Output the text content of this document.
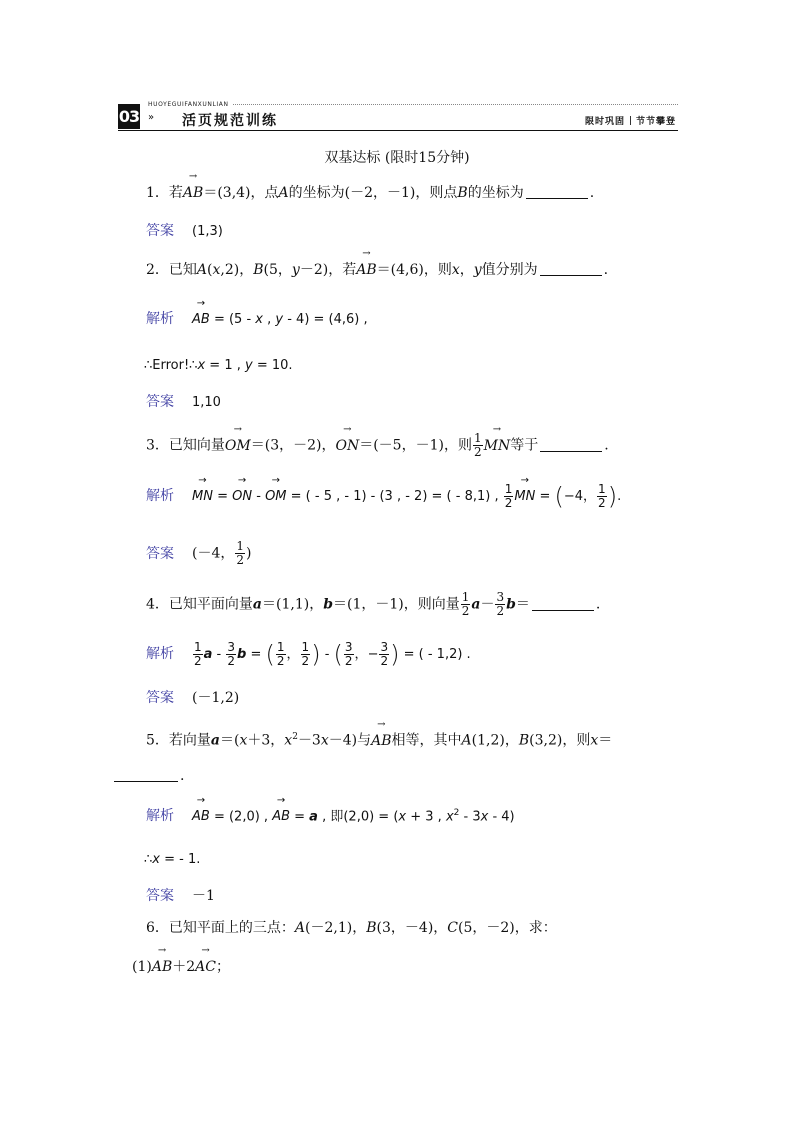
03
HUOYEGUIFANXUNLIAN
» 活页规范训练	限时巩固 节节攀登
双基达标 (限时15分钟)
1．若→ AB＝(3,4)，点A的坐标为(－2，－1)，则点B的坐标为	.
答案 (1,3)
2．已知A(x,2)，B(5，y－2)，若→ AB＝(4,6)，则x，y值分别为	.
解析 → AB = (5 - x , y - 4) = (4,6) ,
∴Error!∴x = 1 , y = 10.
答案 1,10
3．已知向量→ OM＝(3，－2)，→ ON＝(－5，－1)，则 $\frac{1}{2}$ → MN等于	.
解析 → MN = → ON - → OM = ( - 5 , - 1) - (3 , - 2) = ( - 8,1) , $\frac{1}{2}$ → MN = (−4， $\frac{1}{2}$ ).
答案 (－4， $\frac{1}{2}$ )
4．已知平面向量a＝(1,1)，b＝(1，－1)，则向量 $\frac{1}{2} a- \frac{3}{2} b=$	.
解析 $\frac{1}{2}$ a - $\frac{3}{2}$ b = ( $\frac{1}{2}$ ， $\frac{1}{2}$ ) - ( $\frac{3}{2}$ ，− $\frac{3}{2}$ ) = ( - 1,2) .
答案 (－1,2)
5．若向量a＝(x＋3，$x^2-3x-4$)与→ AB相等，其中A(1,2)，B(3,2)，则x＝
.
解析 → AB = (2,0) , → AB = a , 即(2,0) = (x + 3 , $x^2 - 3x - 4$)
∴x = - 1.
答案 －1
6．已知平面上的三点：A(－2,1)，B(3，－4)，C(5，－2)，求：
(1)→ AB＋2→ AC；
